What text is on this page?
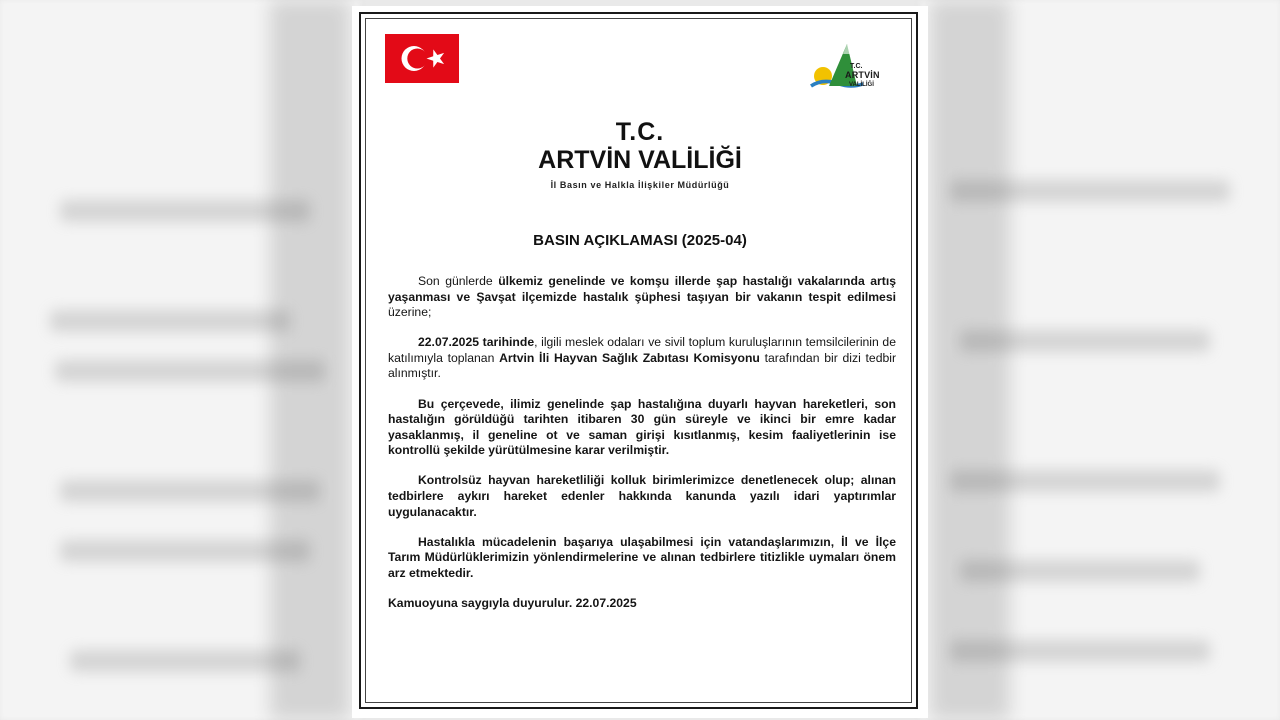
T.C.
ARTVİN
VALİLİĞİ
T.C.
ARTVİN VALİLİĞİ
İl Basın ve Halkla İlişkiler Müdürlüğü
BASIN AÇIKLAMASI (2025-04)

Son günlerde ülkemiz genelinde ve komşu illerde şap hastalığı vakalarında artış yaşanması ve Şavşat ilçemizde hastalık şüphesi taşıyan bir vakanın tespit edilmesi üzerine;

22.07.2025 tarihinde, ilgili meslek odaları ve sivil toplum kuruluşlarının temsilcilerinin de katılımıyla toplanan Artvin İli Hayvan Sağlık Zabıtası Komisyonu tarafından bir dizi tedbir alınmıştır.

Bu çerçevede, ilimiz genelinde şap hastalığına duyarlı hayvan hareketleri, son hastalığın görüldüğü tarihten itibaren 30 gün süreyle ve ikinci bir emre kadar yasaklanmış, il geneline ot ve saman girişi kısıtlanmış, kesim faaliyetlerinin ise kontrollü şekilde yürütülmesine karar verilmiştir.

Kontrolsüz hayvan hareketliliği kolluk birimlerimizce denetlenecek olup; alınan tedbirlere aykırı hareket edenler hakkında kanunda yazılı idari yaptırımlar uygulanacaktır.

Hastalıkla mücadelenin başarıya ulaşabilmesi için vatandaşlarımızın, İl ve İlçe Tarım Müdürlüklerimizin yönlendirmelerine ve alınan tedbirlere titizlikle uymaları önem arz etmektedir.

Kamuoyuna saygıyla duyurulur. 22.07.2025
